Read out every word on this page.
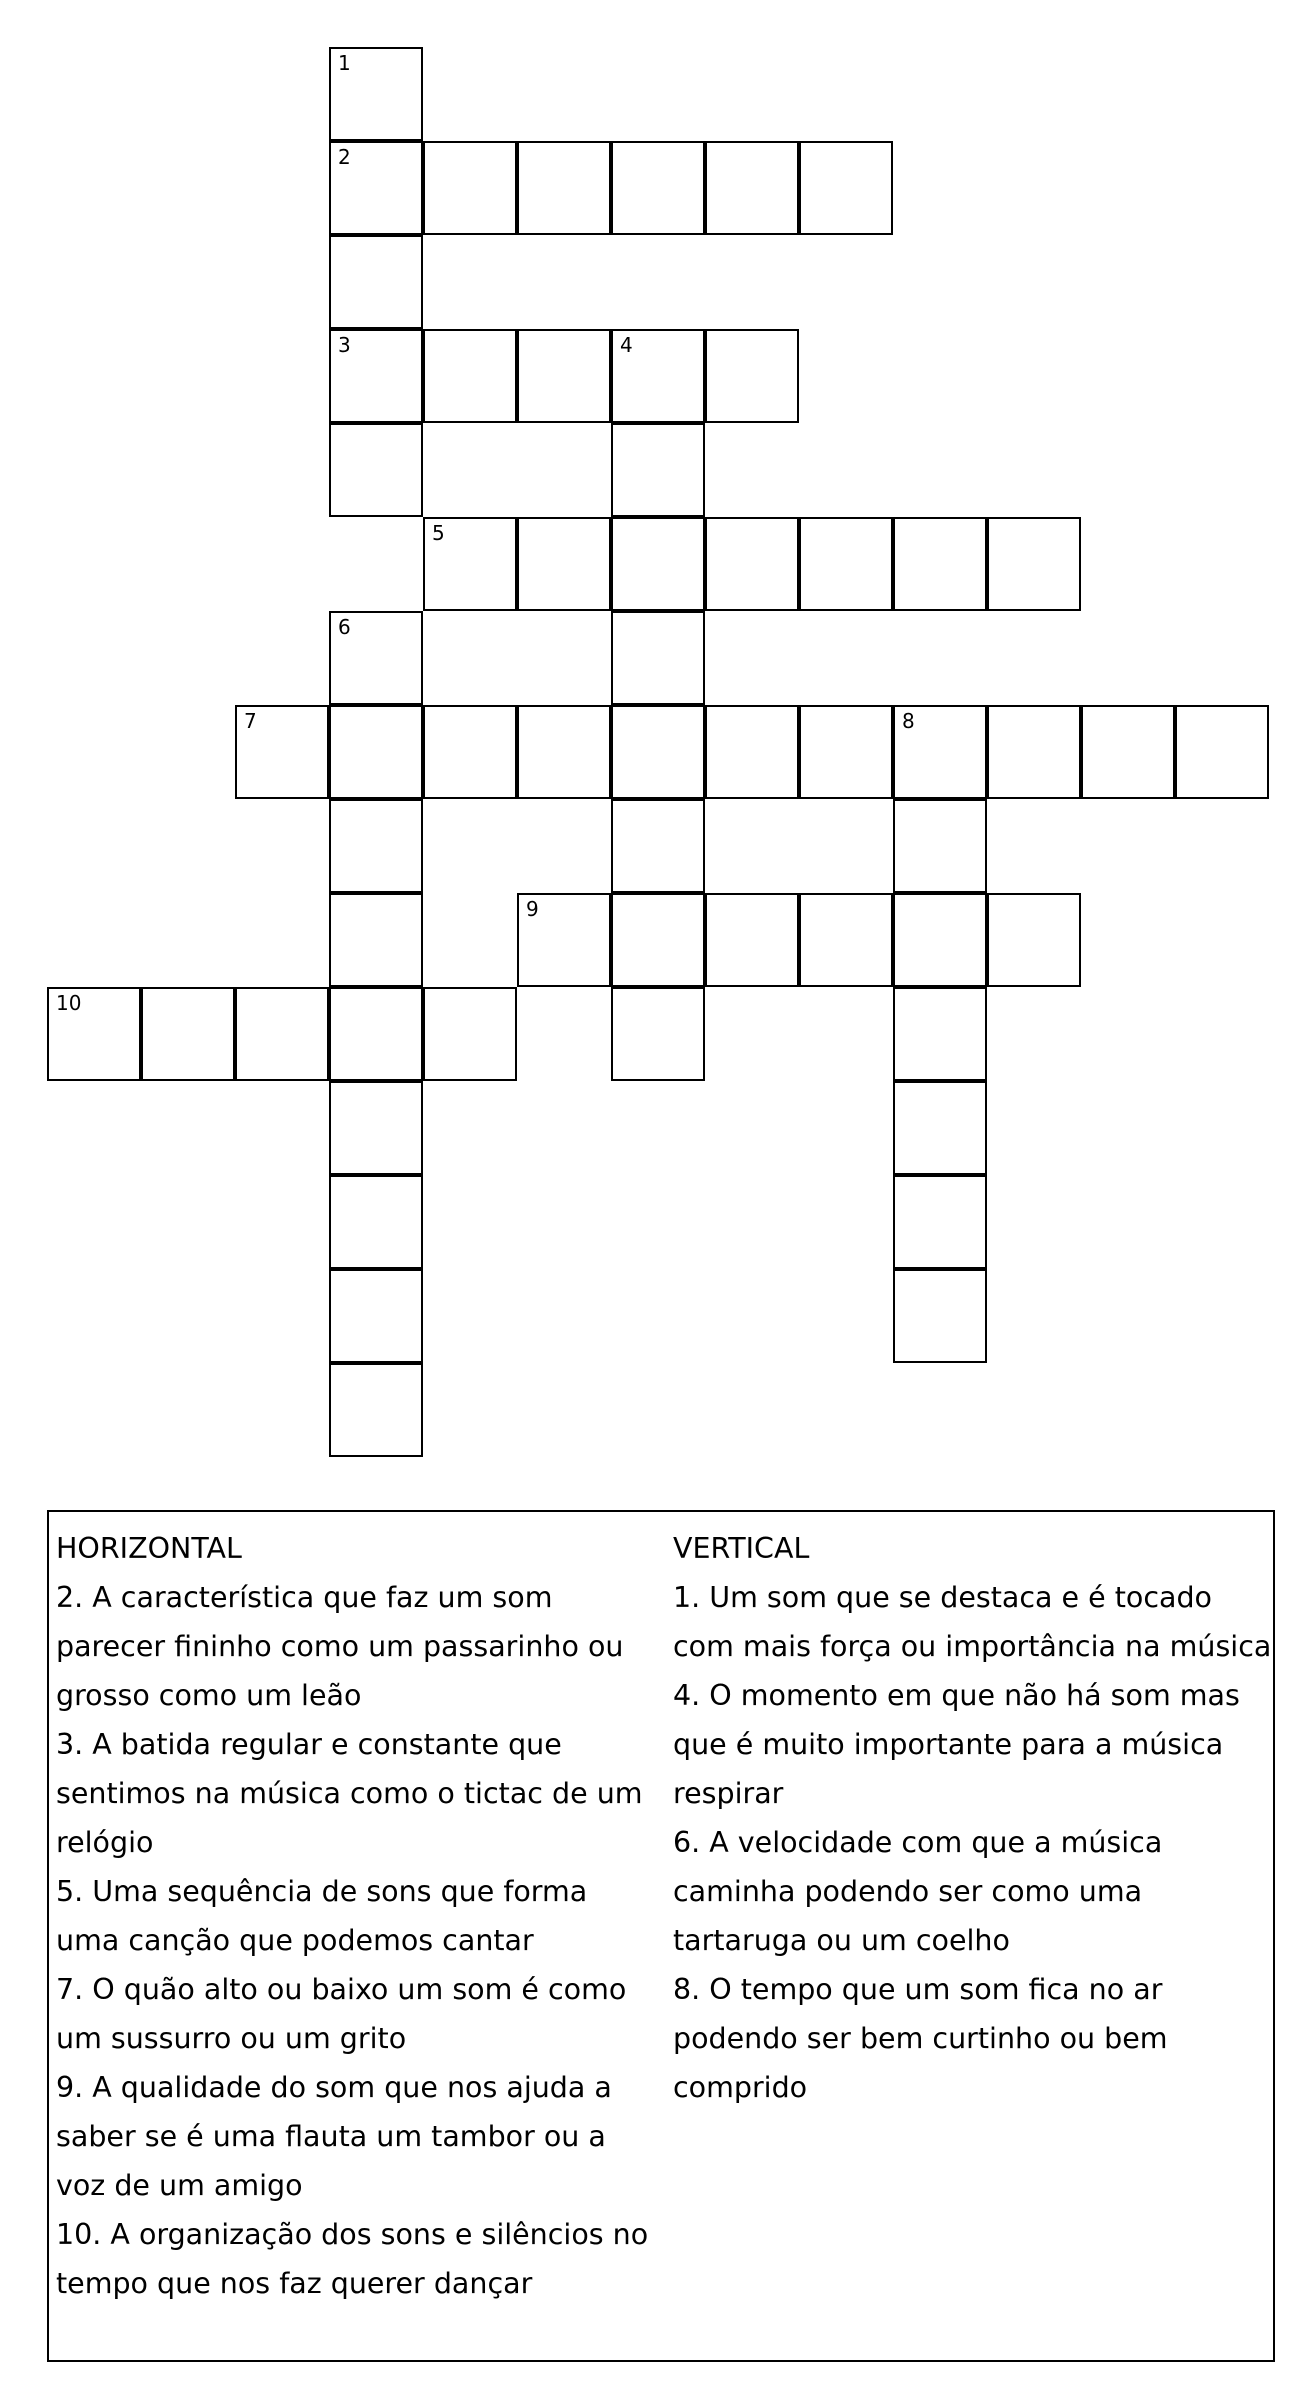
1
2
3	4
5
6
7	8
9
10

HORIZONTAL

2. A característica que faz um som parecer fininho como um passarinho ou grosso como um leão

3. A batida regular e constante que sentimos na música como o tictac de um relógio

5. Uma sequência de sons que forma uma canção que podemos cantar

7. O quão alto ou baixo um som é como um sussurro ou um grito

9. A qualidade do som que nos ajuda a saber se é uma flauta um tambor ou a voz de um amigo

10. A organização dos sons e silêncios no tempo que nos faz querer dançar

VERTICAL

1. Um som que se destaca e é tocado com mais força ou importância na música

4. O momento em que não há som mas que é muito importante para a música respirar

6. A velocidade com que a música caminha podendo ser como uma tartaruga ou um coelho

8. O tempo que um som fica no ar podendo ser bem curtinho ou bem comprido
